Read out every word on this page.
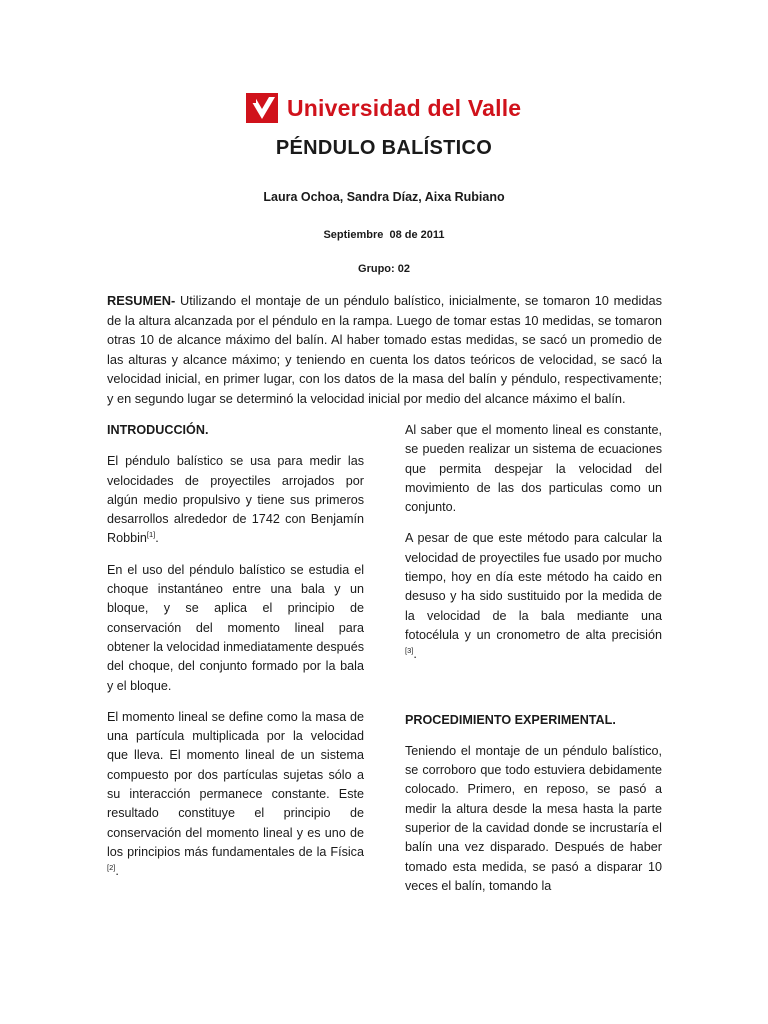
Universidad del Valle
PÉNDULO BALÍSTICO
Laura Ochoa, Sandra Díaz, Aixa Rubiano
Septiembre  08 de 2011
Grupo: 02
RESUMEN- Utilizando el montaje de un péndulo balístico, inicialmente, se tomaron 10 medidas de la altura alcanzada por el péndulo en la rampa. Luego de tomar estas 10 medidas, se tomaron otras 10 de alcance máximo del balín. Al haber tomado estas medidas, se sacó un promedio de las alturas y alcance máximo; y teniendo en cuenta los datos teóricos de velocidad, se sacó la velocidad inicial, en primer lugar, con los datos de la masa del balín y péndulo, respectivamente; y en segundo lugar se determinó la velocidad inicial por medio del alcance máximo el balín.
INTRODUCCIÓN.

El péndulo balístico se usa para medir las velocidades de proyectiles arrojados por algún medio propulsivo y tiene sus primeros desarrollos alrededor de 1742 con Benjamín Robbin[1].

En el uso del péndulo balístico se estudia el choque instantáneo entre una bala y un bloque, y se aplica el principio de conservación del momento lineal para obtener la velocidad inmediatamente después del choque, del conjunto formado por la bala y el bloque.

El momento lineal se define como la masa de una partícula multiplicada por la velocidad que lleva. El momento lineal de un sistema compuesto por dos partículas sujetas sólo a su interacción permanece constante. Este resultado constituye el principio de conservación del momento lineal y es uno de los principios más fundamentales de la Física [2].

Al saber que el momento lineal es constante, se pueden realizar un sistema de ecuaciones que permita despejar la velocidad del movimiento de las dos particulas como un conjunto.

A pesar de que este método para calcular la velocidad de proyectiles fue usado por mucho tiempo, hoy en día este método ha caido en desuso y ha sido sustituido por la medida de la velocidad de la bala mediante una fotocélula y un cronometro de alta precisión [3].

PROCEDIMIENTO EXPERIMENTAL.

Teniendo el montaje de un péndulo balístico, se corroboro que todo estuviera debidamente colocado. Primero, en reposo, se pasó a medir la altura desde la mesa hasta la parte superior de la cavidad donde se incrustaría el balín una vez disparado. Después de haber tomado esta medida, se pasó a disparar 10 veces el balín, tomando la
